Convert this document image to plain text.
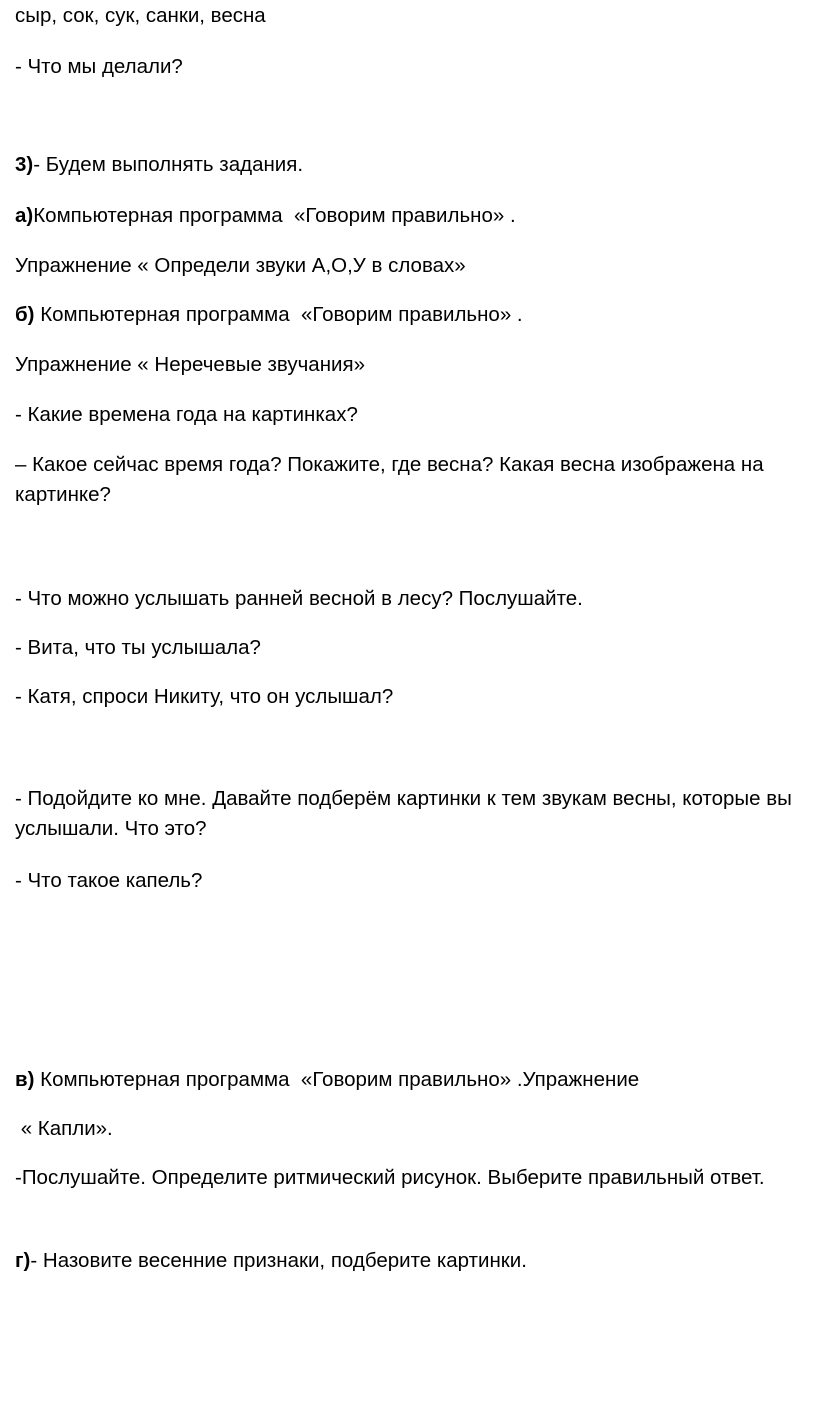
сыр, сок, сук, санки, весна

- Что мы делали?

3)- Будем выполнять задания.

а)Компьютерная программа  «Говорим правильно» .

Упражнение « Определи звуки А,О,У в словах»

б) Компьютерная программа  «Говорим правильно» .

Упражнение « Неречевые звучания»

- Какие времена года на картинках?

– Какое сейчас время года? Покажите, где весна? Какая весна изображена на картинке?

- Что можно услышать ранней весной в лесу? Послушайте.

- Вита, что ты услышала?

- Катя, спроси Никиту, что он услышал?

- Подойдите ко мне. Давайте подберём картинки к тем звукам весны, которые вы услышали. Что это?

- Что такое капель?

в) Компьютерная программа  «Говорим правильно» .Упражнение

« Капли».

-Послушайте. Определите ритмический рисунок. Выберите правильный ответ.

г)- Назовите весенние признаки, подберите картинки.
